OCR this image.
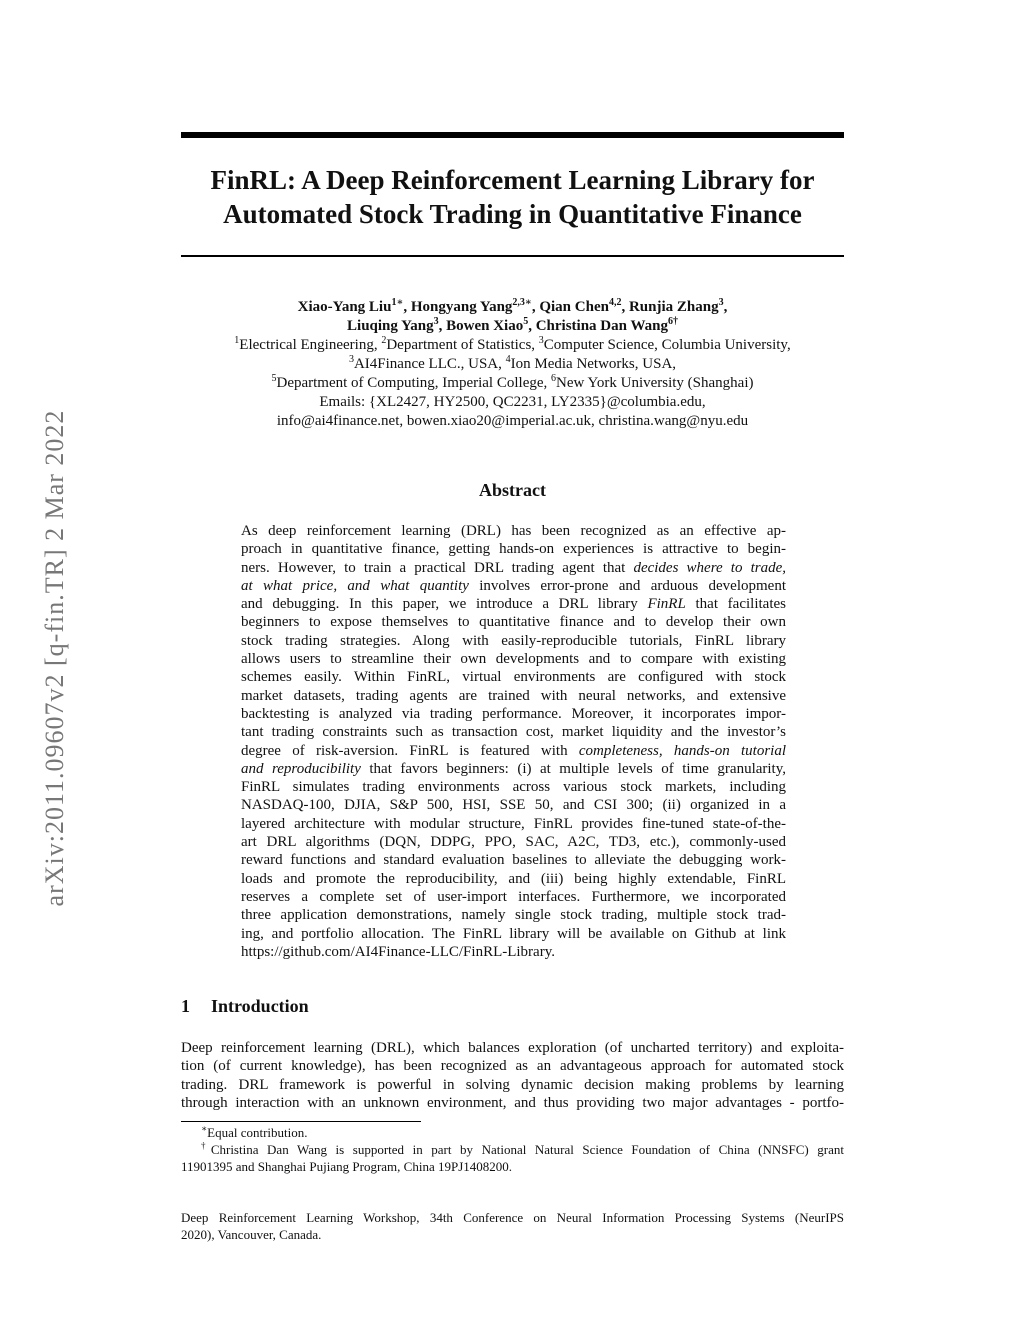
arXiv:2011.09607v2 [q-fin.TR] 2 Mar 2022
FinRL: A Deep Reinforcement Learning Library for
Automated Stock Trading in Quantitative Finance
Xiao-Yang Liu$^{1∗}$, Hongyang Yang$^{2,3∗}$, Qian Chen$^{4,2}$, Runjia Zhang$^3$,
Liuqing Yang$^3$, Bowen Xiao$^5$, Christina Dan Wang$^{6\dagger}$
$^1$Electrical Engineering, $^2$Department of Statistics, $^3$Computer Science, Columbia University,
$^3$AI4Finance LLC., USA, $^4$Ion Media Networks, USA,
$^5$Department of Computing, Imperial College, $^6$New York University (Shanghai)
Emails: {XL2427, HY2500, QC2231, LY2335}@columbia.edu,
info@ai4finance.net, bowen.xiao20@imperial.ac.uk, christina.wang@nyu.edu
Abstract
As deep reinforcement learning (DRL) has been recognized as an effective ap-
proach in quantitative finance, getting hands-on experiences is attractive to begin-
ners. However, to train a practical DRL trading agent that decides where to trade,
at what price, and what quantity involves error-prone and arduous development
and debugging. In this paper, we introduce a DRL library FinRL that facilitates
beginners to expose themselves to quantitative finance and to develop their own
stock trading strategies. Along with easily-reproducible tutorials, FinRL library
allows users to streamline their own developments and to compare with existing
schemes easily. Within FinRL, virtual environments are configured with stock
market datasets, trading agents are trained with neural networks, and extensive
backtesting is analyzed via trading performance. Moreover, it incorporates impor-
tant trading constraints such as transaction cost, market liquidity and the investor’s
degree of risk-aversion. FinRL is featured with completeness, hands-on tutorial
and reproducibility that favors beginners: (i) at multiple levels of time granularity,
FinRL simulates trading environments across various stock markets, including
NASDAQ-100, DJIA, S&P 500, HSI, SSE 50, and CSI 300; (ii) organized in a
layered architecture with modular structure, FinRL provides fine-tuned state-of-the-
art DRL algorithms (DQN, DDPG, PPO, SAC, A2C, TD3, etc.), commonly-used
reward functions and standard evaluation baselines to alleviate the debugging work-
loads and promote the reproducibility, and (iii) being highly extendable, FinRL
reserves a complete set of user-import interfaces. Furthermore, we incorporated
three application demonstrations, namely single stock trading, multiple stock trad-
ing, and portfolio allocation. The FinRL library will be available on Github at link
https://github.com/AI4Finance-LLC/FinRL-Library.
1 Introduction
Deep reinforcement learning (DRL), which balances exploration (of uncharted territory) and exploita-
tion (of current knowledge), has been recognized as an advantageous approach for automated stock
trading. DRL framework is powerful in solving dynamic decision making problems by learning
through interaction with an unknown environment, and thus providing two major advantages - portfo-
∗Equal contribution.
†Christina Dan Wang is supported in part by National Natural Science Foundation of China (NNSFC) grant
11901395 and Shanghai Pujiang Program, China 19PJ1408200.
Deep Reinforcement Learning Workshop, 34th Conference on Neural Information Processing Systems (NeurIPS
2020), Vancouver, Canada.
